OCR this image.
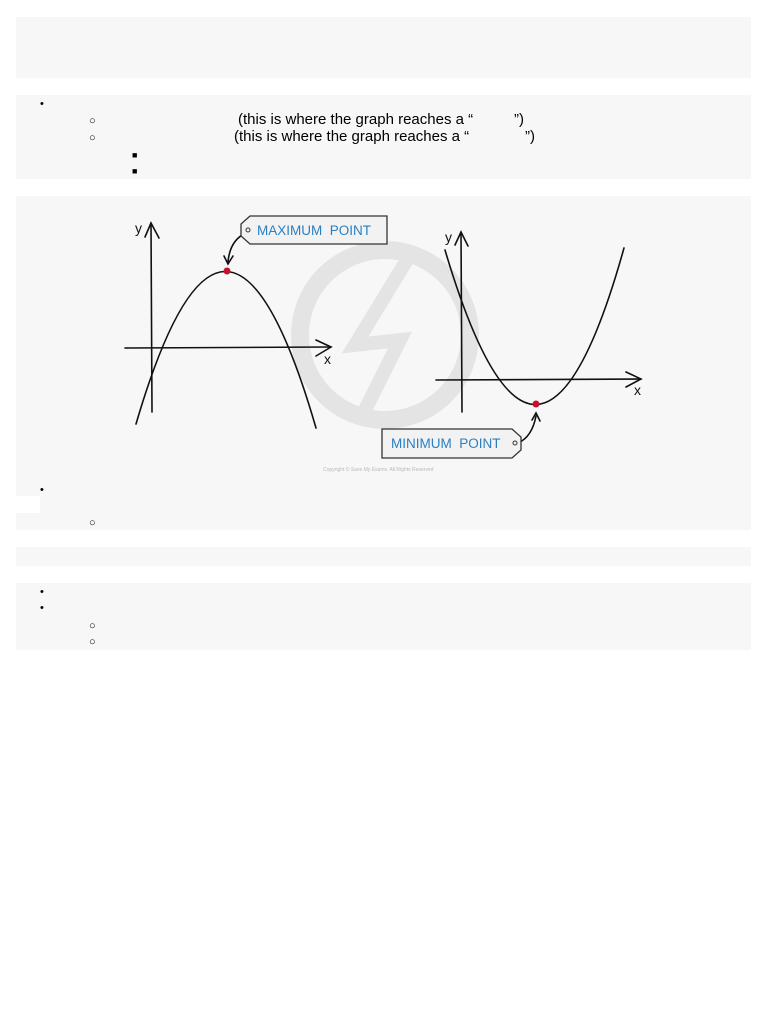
•
○	(this is where the graph reaches a “	”)
○	(this is where the graph reaches a “	”)
■
■
MAXIMUM  POINT
y
x
MINIMUM  POINT
y
x
Copyright © Save My Exams. All Rights Reserved
•
○
•
•
○
○
